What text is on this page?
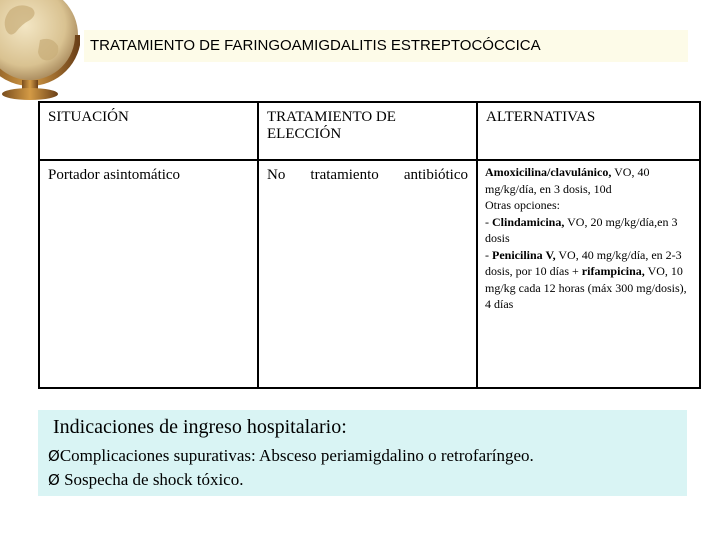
TRATAMIENTO DE FARINGOAMIGDALITIS ESTREPTOCÓCCICA
SITUACIÓN	TRATAMIENTO DE ELECCIÓN	ALTERNATIVAS
Portador asintomático	No tratamiento antibiótico	Amoxicilina/clavulánico, VO, 40 mg/kg/día, en 3 dosis, 10d
Otras opciones:
- Clindamicina, VO, 20 mg/kg/día,en 3 dosis
- Penicilina V, VO, 40 mg/kg/día, en 2-3 dosis, por 10 días + rifampicina, VO, 10 mg/kg cada 12 horas (máx 300 mg/dosis), 4 días
Indicaciones de ingreso hospitalario:
ØComplicaciones supurativas: Absceso periamigdalino o retrofaríngeo.
Ø Sospecha de shock tóxico.
